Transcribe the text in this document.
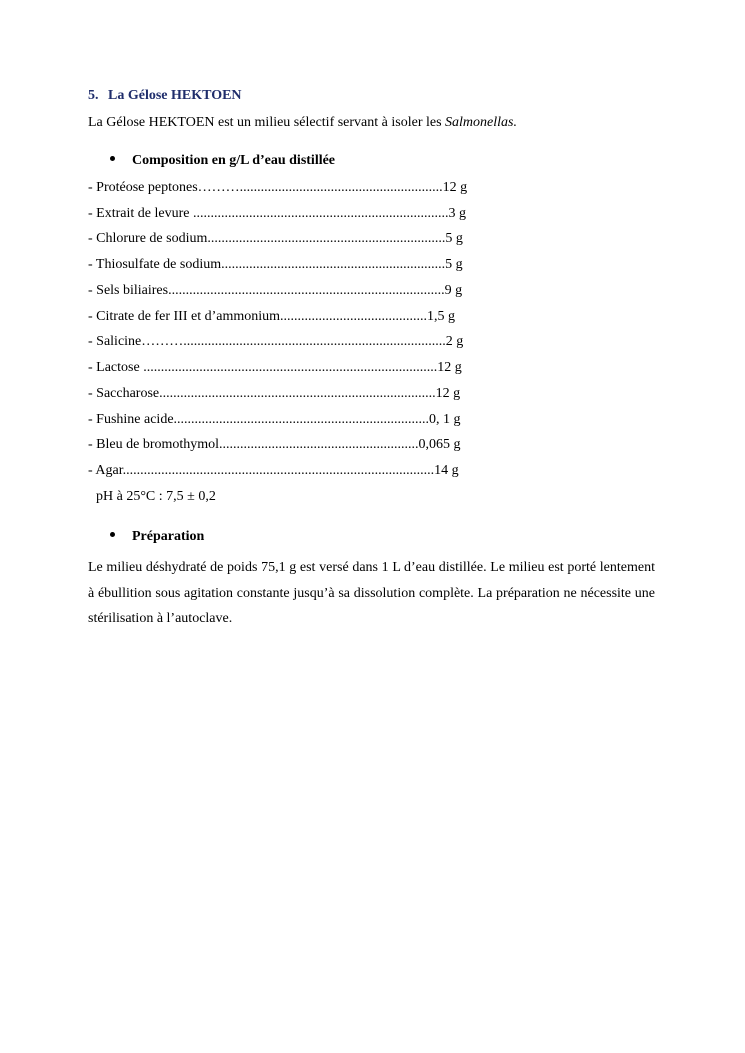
5. La Gélose HEKTOEN
La Gélose HEKTOEN est un milieu sélectif servant à isoler les Salmonellas.
Composition en g/L d’eau distillée
- Protéose peptones………..........................................................12 g
- Extrait de levure .........................................................................3 g
- Chlorure de sodium....................................................................5 g
- Thiosulfate de sodium................................................................5 g
- Sels biliaires...............................................................................9 g
- Citrate de fer III et d’ammonium..........................................1,5 g
- Salicine………...........................................................................2 g
- Lactose ....................................................................................12 g
- Saccharose...............................................................................12 g
- Fushine acide.........................................................................0, 1 g
- Bleu de bromothymol.........................................................0,065 g
- Agar.........................................................................................14 g
pH à 25°C : 7,5 ± 0,2
Préparation
Le milieu déshydraté de poids 75,1 g est versé dans 1 L d’eau distillée. Le milieu est porté lentement à ébullition sous agitation constante jusqu’à sa dissolution complète. La préparation ne nécessite une stérilisation à l’autoclave.
